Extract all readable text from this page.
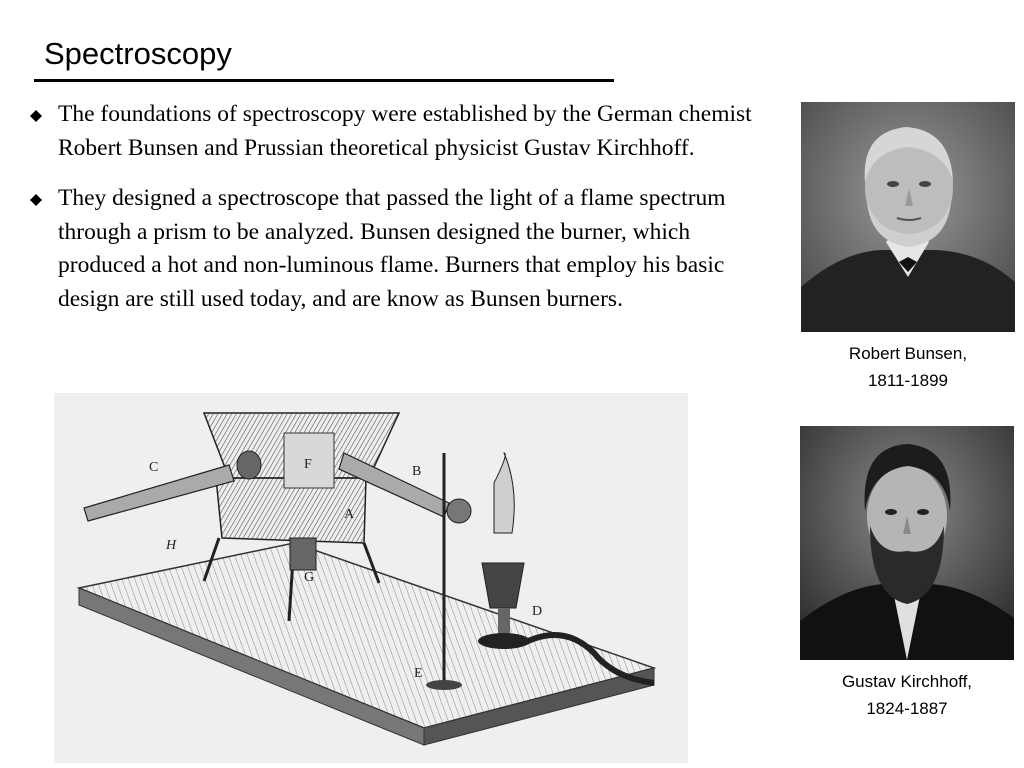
Spectroscopy
The foundations of spectroscopy were established by the German chemist Robert Bunsen and Prussian theoretical physicist Gustav Kirchhoff.
They designed a spectroscope that passed the light of a flame spectrum through a prism to be analyzed. Bunsen designed the burner, which produced a hot and non-luminous flame. Burners that employ his basic design are still used today, and are know as Bunsen burners.
Robert Bunsen,
1811-1899
Gustav Kirchhoff,
1824-1887
C	B
F
A
H
G
D
E
